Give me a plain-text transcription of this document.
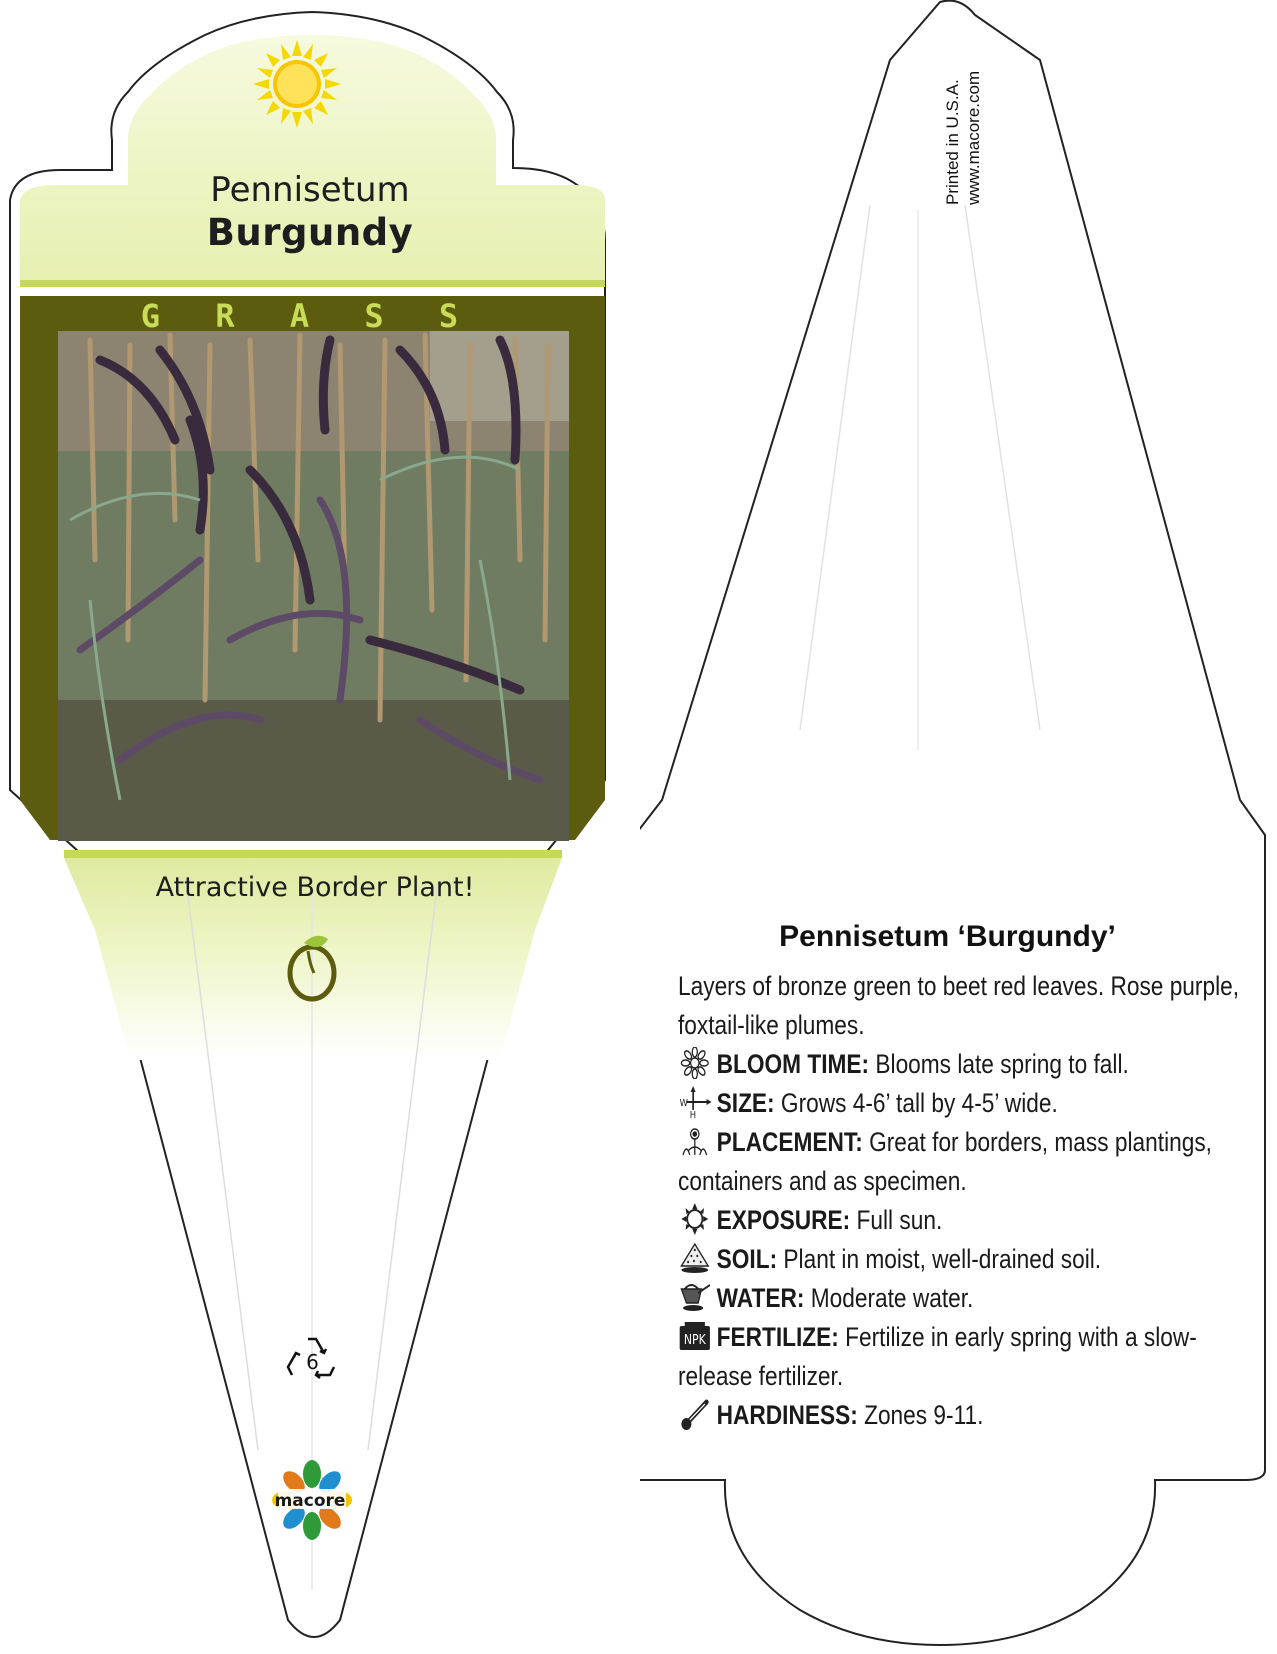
Pennisetum
Burgundy
G R A S S
Attractive Border Plant!
6
macore
Printed in U.S.A. www.macore.com
Pennisetum ‘Burgundy’

Layers of bronze green to beet red leaves. Rose purple, foxtail-like plumes.

BLOOM TIME: Blooms late spring to fall.

W
H SIZE: Grows 4-6’ tall by 4-5’ wide.

PLACEMENT: Great for borders, mass plantings, containers and as specimen.

EXPOSURE: Full sun.

SOIL: Plant in moist, well-drained soil.

WATER: Moderate water.

NPK FERTILIZE: Fertilize in early spring with a slow-release fertilizer.

HARDINESS: Zones 9-11.
